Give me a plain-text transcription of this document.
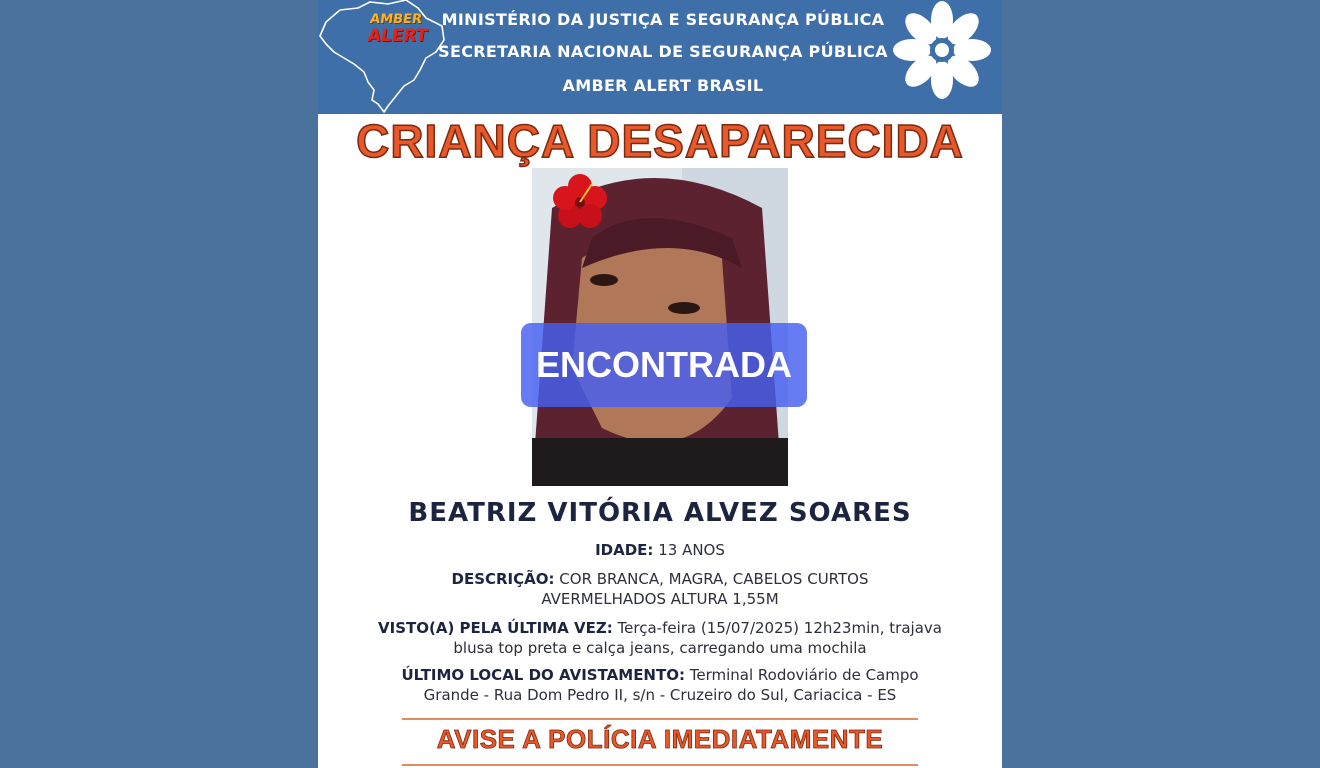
AMBER
ALERT
MINISTÉRIO DA JUSTIÇA E SEGURANÇA PÚBLICA
SECRETARIA NACIONAL DE SEGURANÇA PÚBLICA
AMBER ALERT BRASIL
CRIANÇA DESAPARECIDA
ENCONTRADA
BEATRIZ VITÓRIA ALVEZ SOARES
IDADE: 13 ANOS
DESCRIÇÃO: COR BRANCA, MAGRA, CABELOS CURTOS
AVERMELHADOS ALTURA 1,55M
VISTO(A) PELA ÚLTIMA VEZ: Terça-feira (15/07/2025) 12h23min, trajava
blusa top preta e calça jeans, carregando uma mochila
ÚLTIMO LOCAL DO AVISTAMENTO: Terminal Rodoviário de Campo
Grande - Rua Dom Pedro II, s/n - Cruzeiro do Sul, Cariacica - ES
AVISE A POLÍCIA IMEDIATAMENTE
